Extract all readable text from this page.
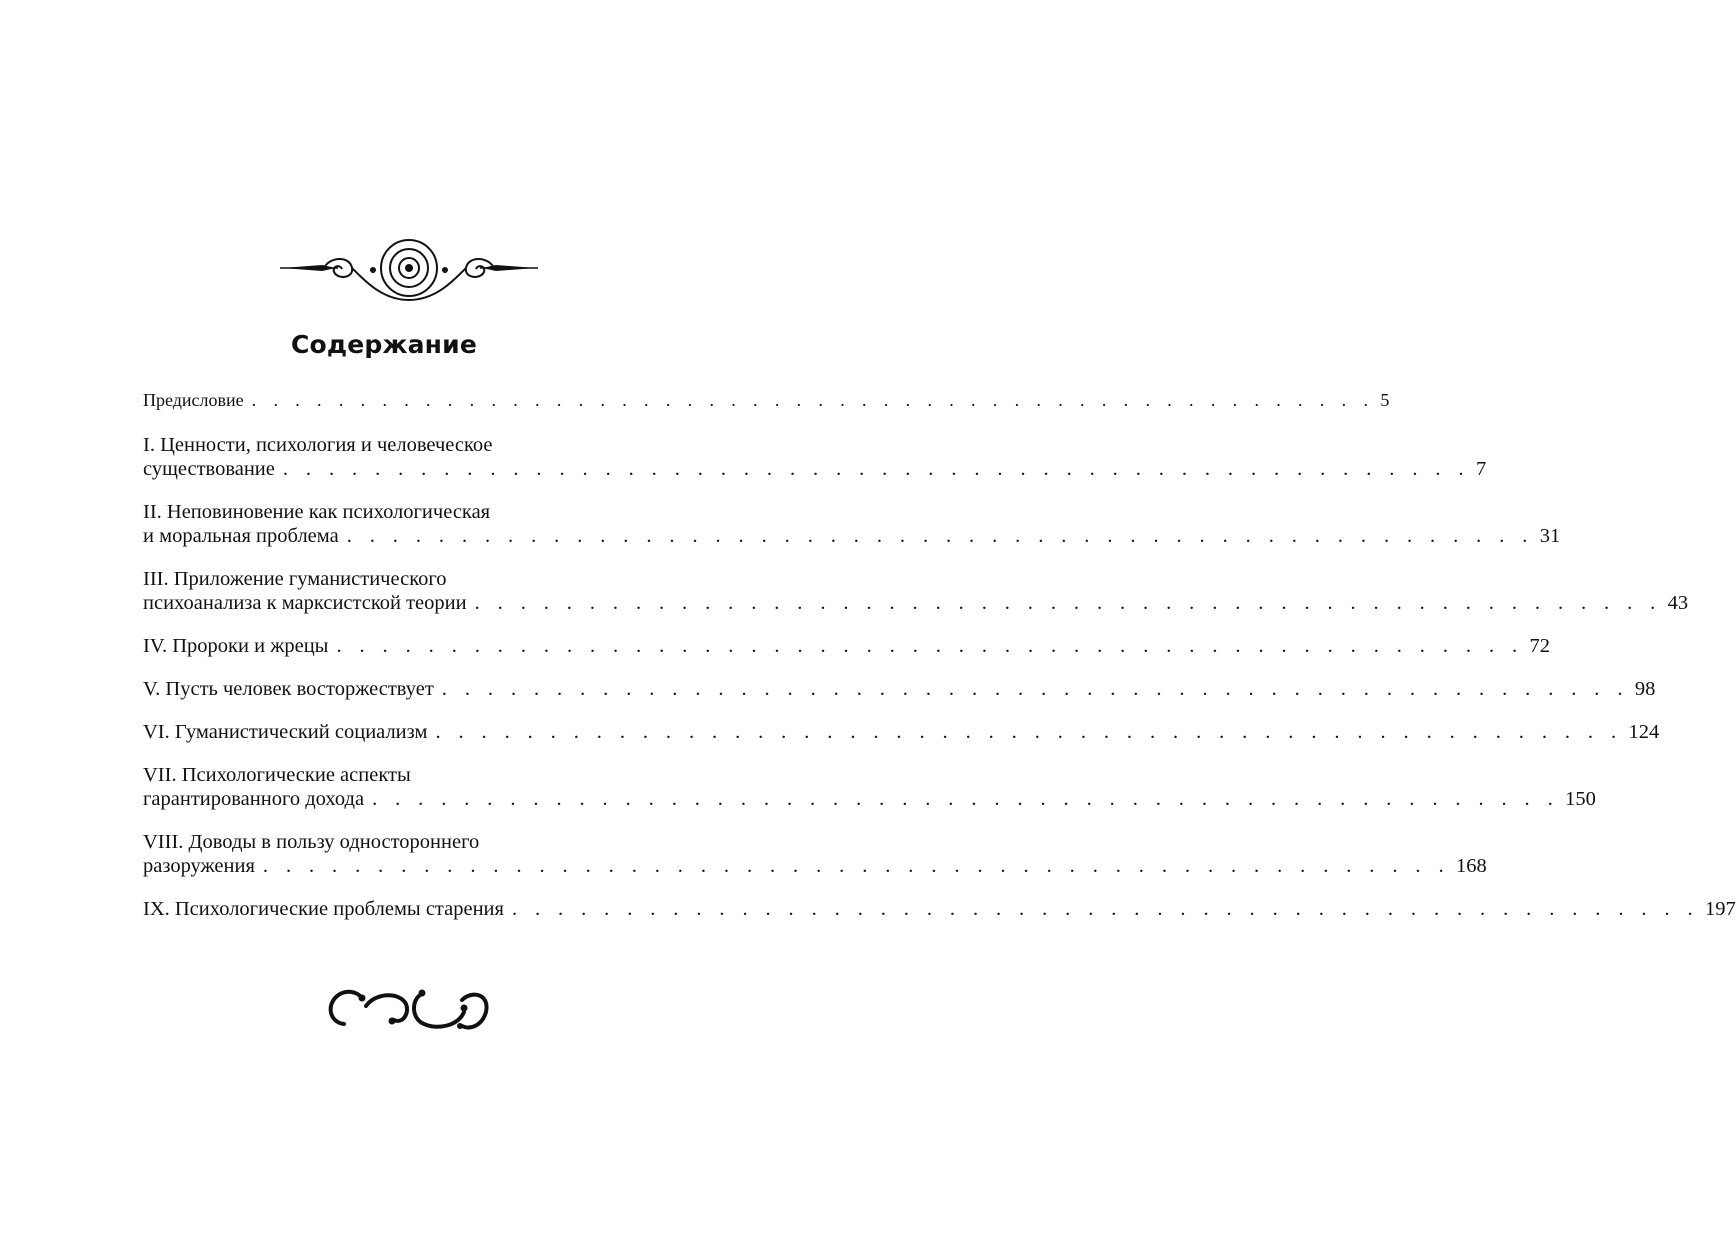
Содержание
Предисловие . . . . . . . . . . . . . . . . . . . . . . . . . . . . . . . . . . . . . . . . . . . . . . . . . . . . 5
I. Ценности, психология и человеческое
существование . . . . . . . . . . . . . . . . . . . . . . . . . . . . . . . . . . . . . . . . . . . . . . . . . . . . 7
II. Неповиновение как психологическая
и моральная проблема . . . . . . . . . . . . . . . . . . . . . . . . . . . . . . . . . . . . . . . . . . . . . . . . . . . . 31
III. Приложение гуманистического
психоанализа к марксистской теории . . . . . . . . . . . . . . . . . . . . . . . . . . . . . . . . . . . . . . . . . . . . . . . . . . . . 43
IV. Пророки и жрецы . . . . . . . . . . . . . . . . . . . . . . . . . . . . . . . . . . . . . . . . . . . . . . . . . . . . 72
V. Пусть человек восторжествует . . . . . . . . . . . . . . . . . . . . . . . . . . . . . . . . . . . . . . . . . . . . . . . . . . . . 98
VI. Гуманистический социализм . . . . . . . . . . . . . . . . . . . . . . . . . . . . . . . . . . . . . . . . . . . . . . . . . . . . 124
VII. Психологические аспекты
гарантированного дохода . . . . . . . . . . . . . . . . . . . . . . . . . . . . . . . . . . . . . . . . . . . . . . . . . . . . 150
VIII. Доводы в пользу одностороннего
разоружения . . . . . . . . . . . . . . . . . . . . . . . . . . . . . . . . . . . . . . . . . . . . . . . . . . . . 168
IX. Психологические проблемы старения . . . . . . . . . . . . . . . . . . . . . . . . . . . . . . . . . . . . . . . . . . . . . . . . . . . . 197
